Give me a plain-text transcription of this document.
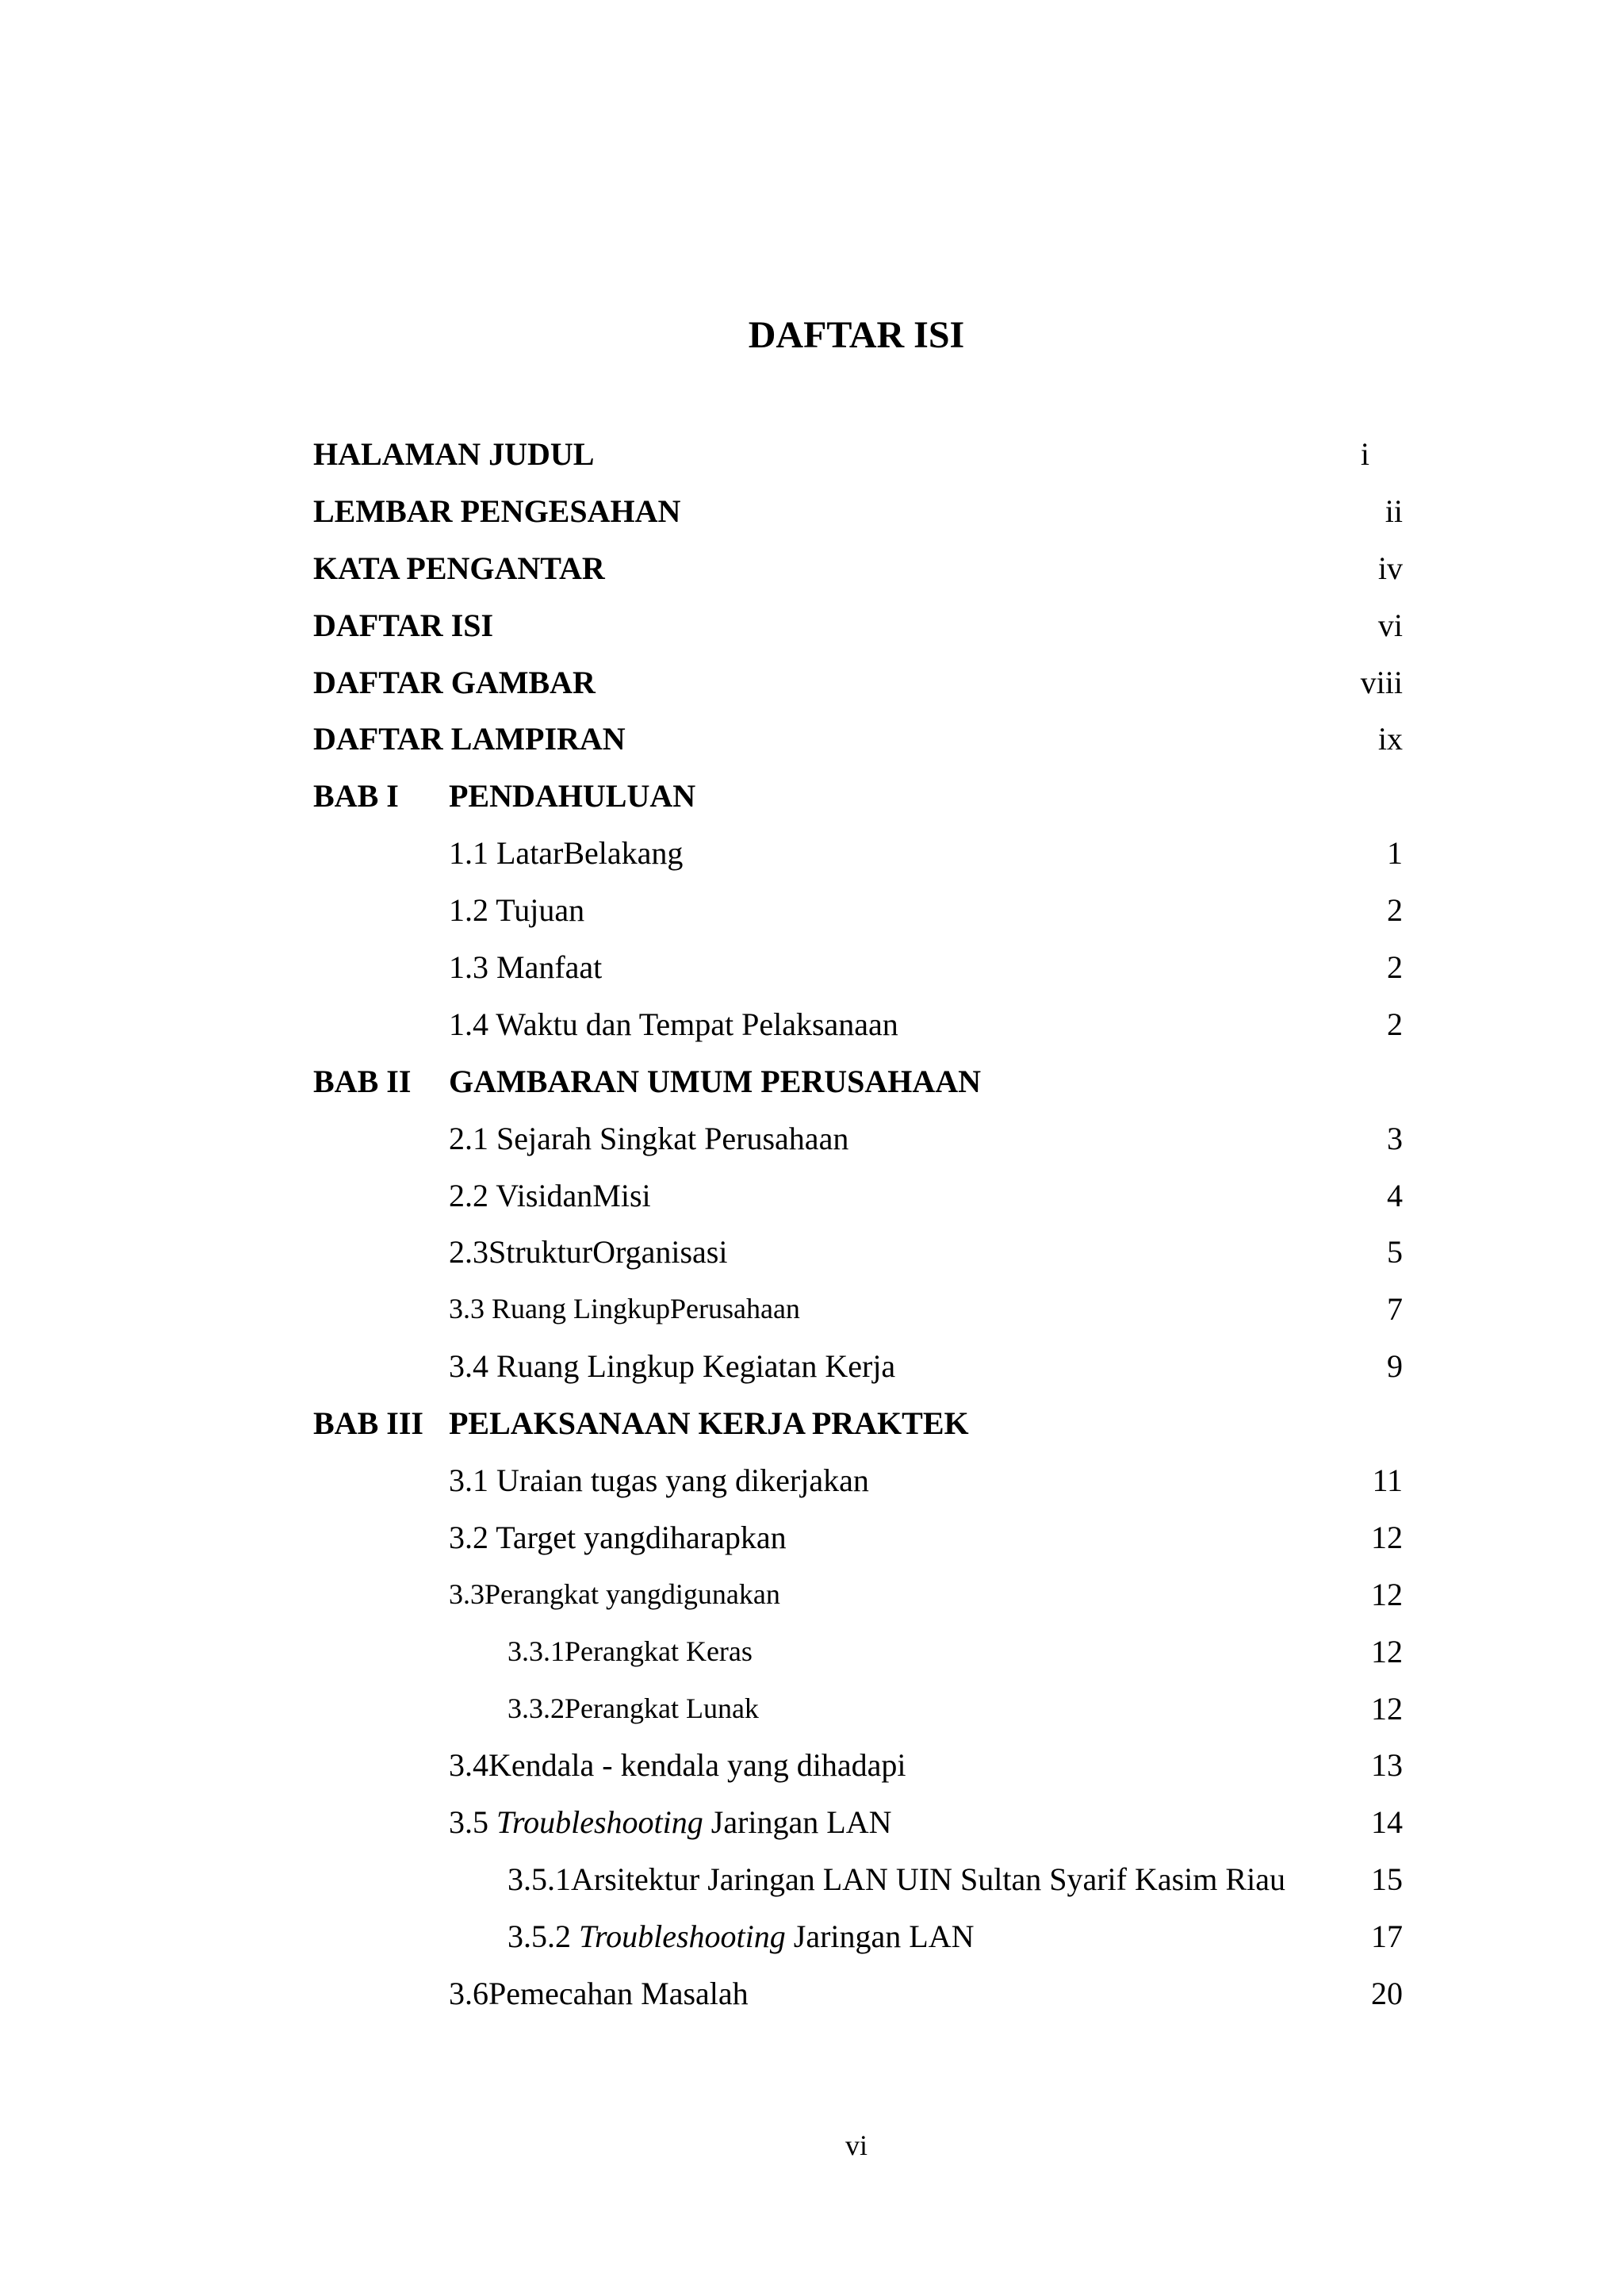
DAFTAR ISI
HALAMAN JUDUL	i
LEMBAR PENGESAHAN	ii
KATA PENGANTAR	iv
DAFTAR ISI	vi
DAFTAR GAMBAR	viii
DAFTAR LAMPIRAN	ix
BAB I PENDAHULUAN
1.1 LatarBelakang	1
1.2 Tujuan	2
1.3 Manfaat	2
1.4 Waktu dan Tempat Pelaksanaan	2
BAB II GAMBARAN UMUM PERUSAHAAN
2.1 Sejarah Singkat Perusahaan	3
2.2 VisidanMisi	4
2.3StrukturOrganisasi	5
3.3 Ruang LingkupPerusahaan	7
3.4 Ruang Lingkup Kegiatan Kerja	9
BAB III PELAKSANAAN KERJA PRAKTEK
3.1 Uraian tugas yang dikerjakan	11
3.2 Target yangdiharapkan	12
3.3Perangkat yangdigunakan	12
3.3.1Perangkat Keras	12
3.3.2Perangkat Lunak	12
3.4Kendala - kendala yang dihadapi	13
3.5 Troubleshooting Jaringan LAN	14
3.5.1Arsitektur Jaringan LAN UIN Sultan Syarif Kasim Riau	15
3.5.2 Troubleshooting Jaringan LAN	17
3.6Pemecahan Masalah	20
vi
